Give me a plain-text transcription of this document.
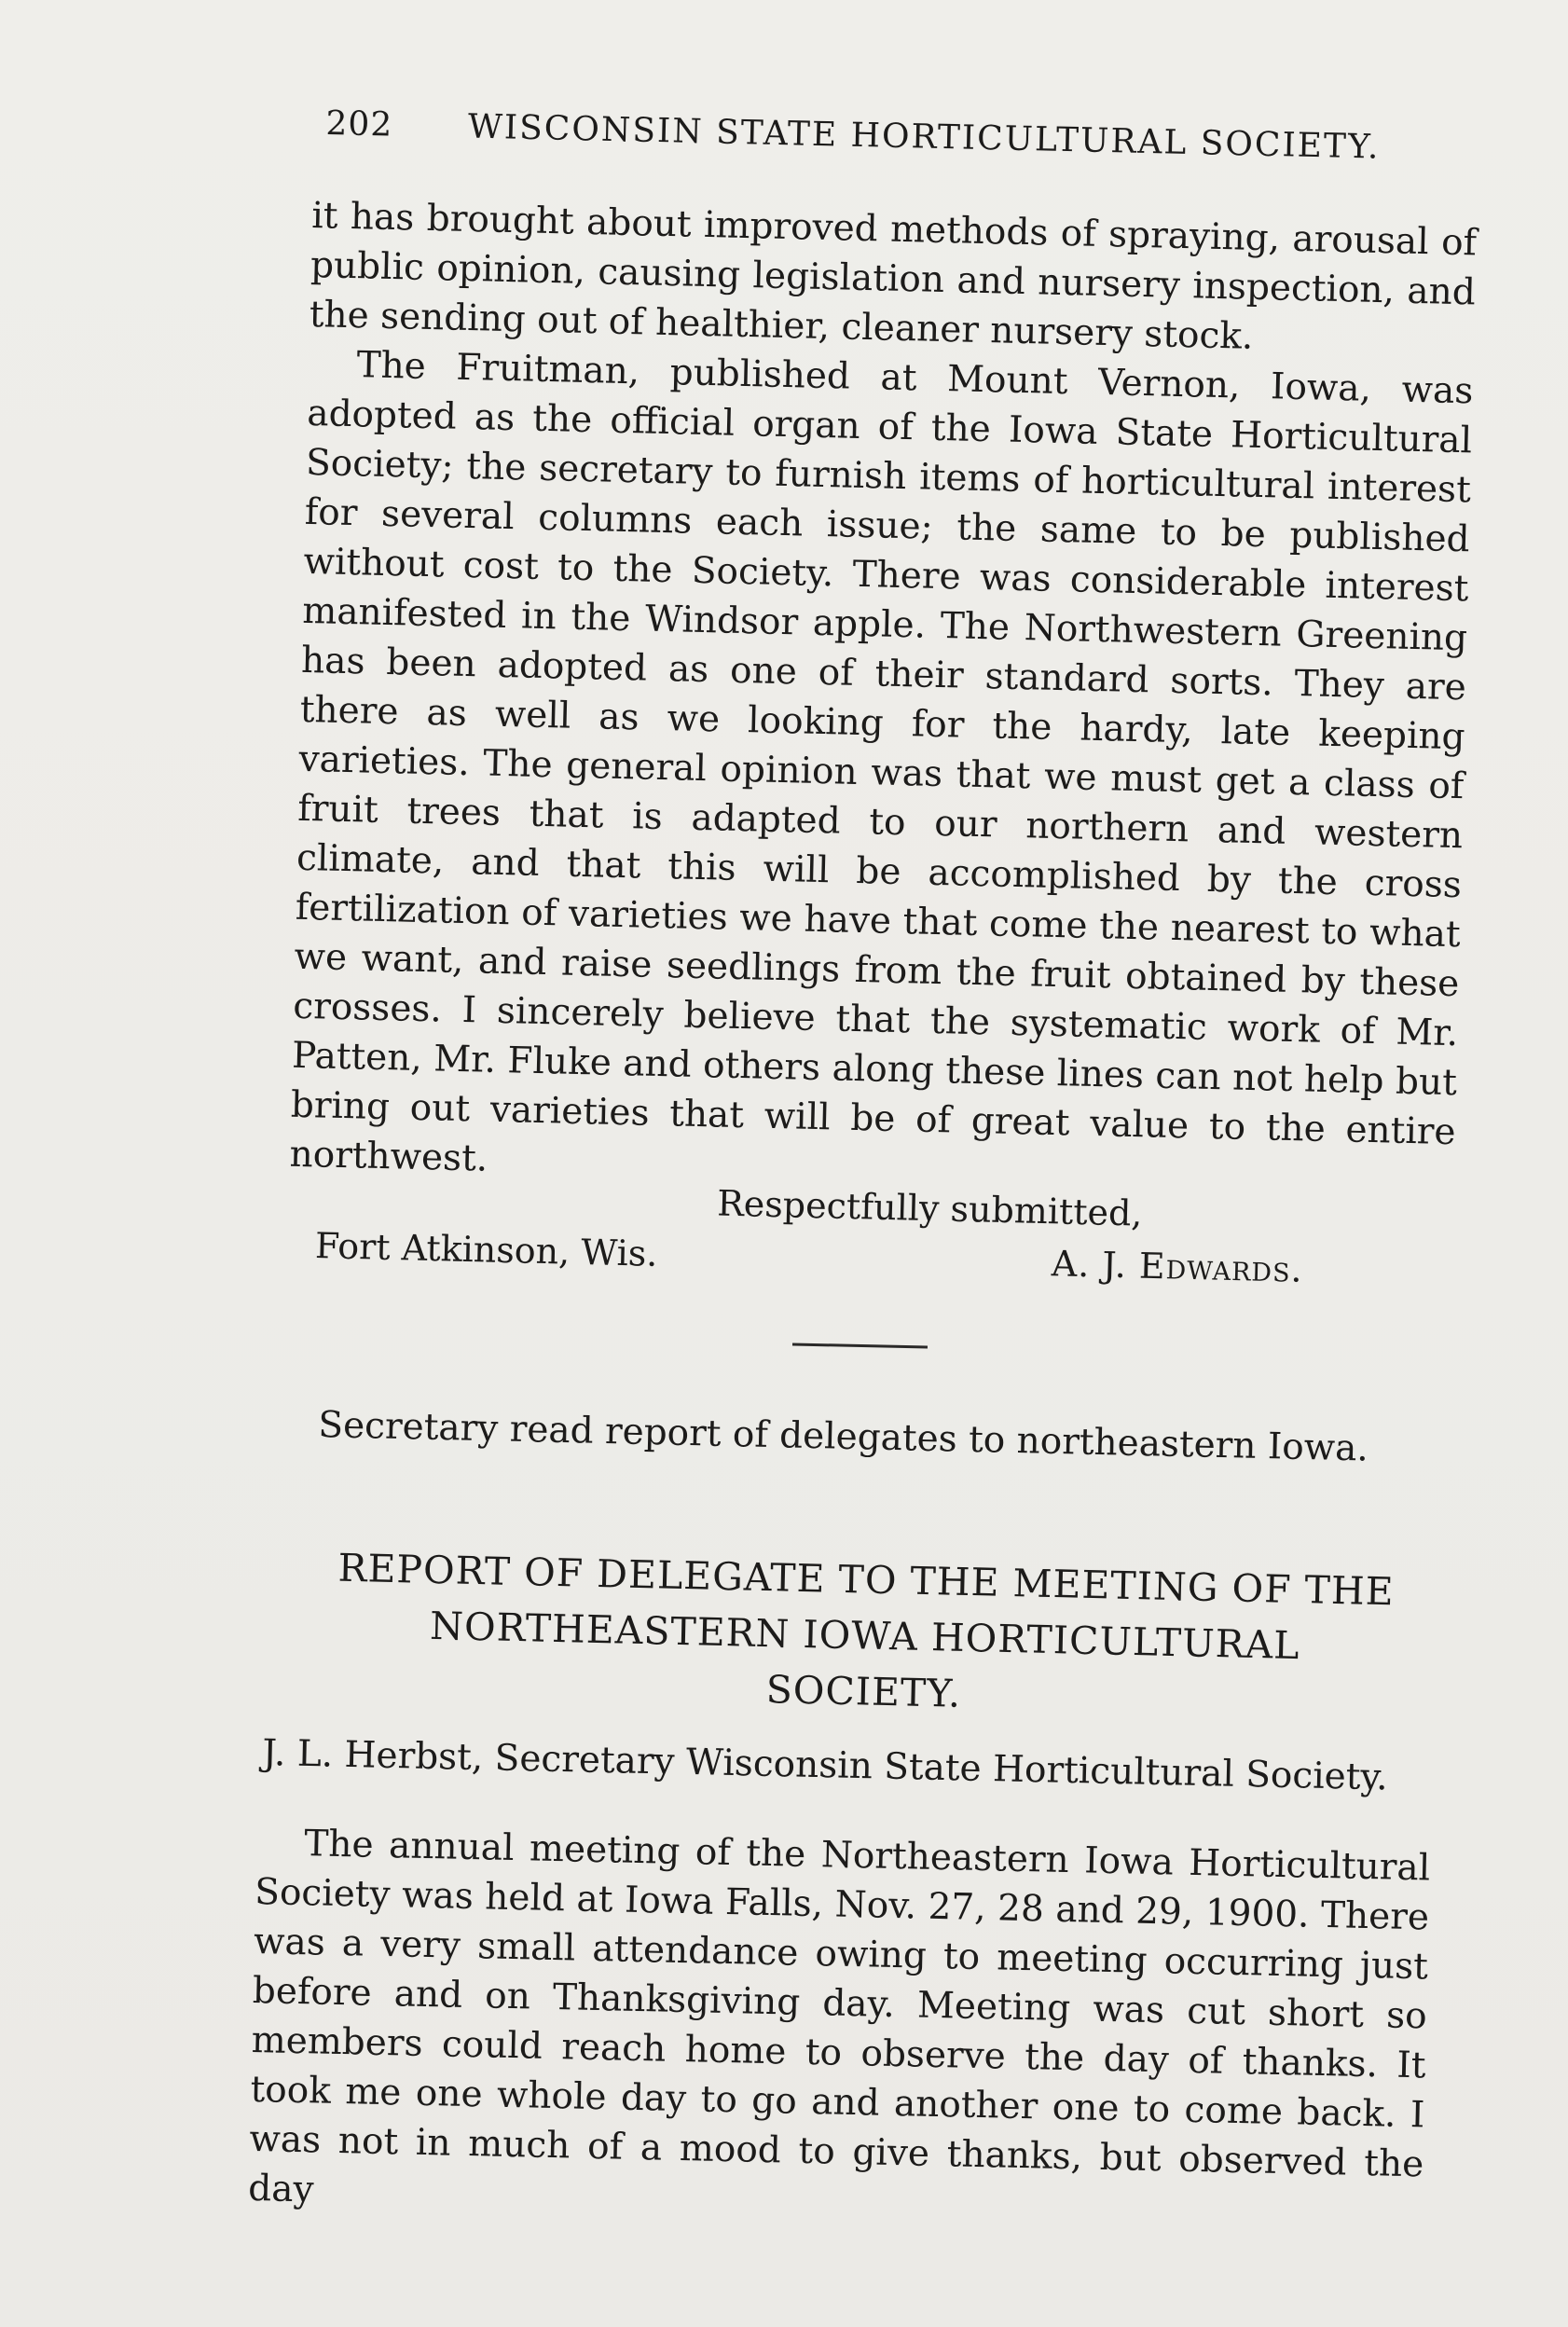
202 WISCONSIN STATE HORTICULTURAL SOCIETY.

it has brought about improved methods of spraying, arousal of public opinion, causing legislation and nursery inspection, and the sending out of healthier, cleaner nursery stock.

The Fruitman, published at Mount Vernon, Iowa, was adopted as the official organ of the Iowa State Horticultural Society; the secretary to furnish items of horticultural interest for several columns each issue; the same to be published without cost to the Society. There was considerable interest manifested in the Windsor apple. The Northwestern Greening has been adopted as one of their standard sorts. They are there as well as we looking for the hardy, late keeping varieties. The general opinion was that we must get a class of fruit trees that is adapted to our northern and western climate, and that this will be accomplished by the cross fertilization of varieties we have that come the nearest to what we want, and raise seedlings from the fruit obtained by these crosses. I sincerely believe that the systematic work of Mr. Patten, Mr. Fluke and others along these lines can not help but bring out varieties that will be of great value to the entire northwest.

Respectfully submitted,
Fort Atkinson, Wis.	A. J. Edwards.
Secretary read report of delegates to northeastern Iowa.
REPORT OF DELEGATE TO THE MEETING OF THE
NORTHEASTERN IOWA HORTICULTURAL
SOCIETY.
J. L. Herbst, Secretary Wisconsin State Horticultural Society.

The annual meeting of the Northeastern Iowa Horticultural Society was held at Iowa Falls, Nov. 27, 28 and 29, 1900. There was a very small attendance owing to meeting occurring just before and on Thanksgiving day. Meeting was cut short so members could reach home to observe the day of thanks. It took me one whole day to go and another one to come back. I was not in much of a mood to give thanks, but observed the day
